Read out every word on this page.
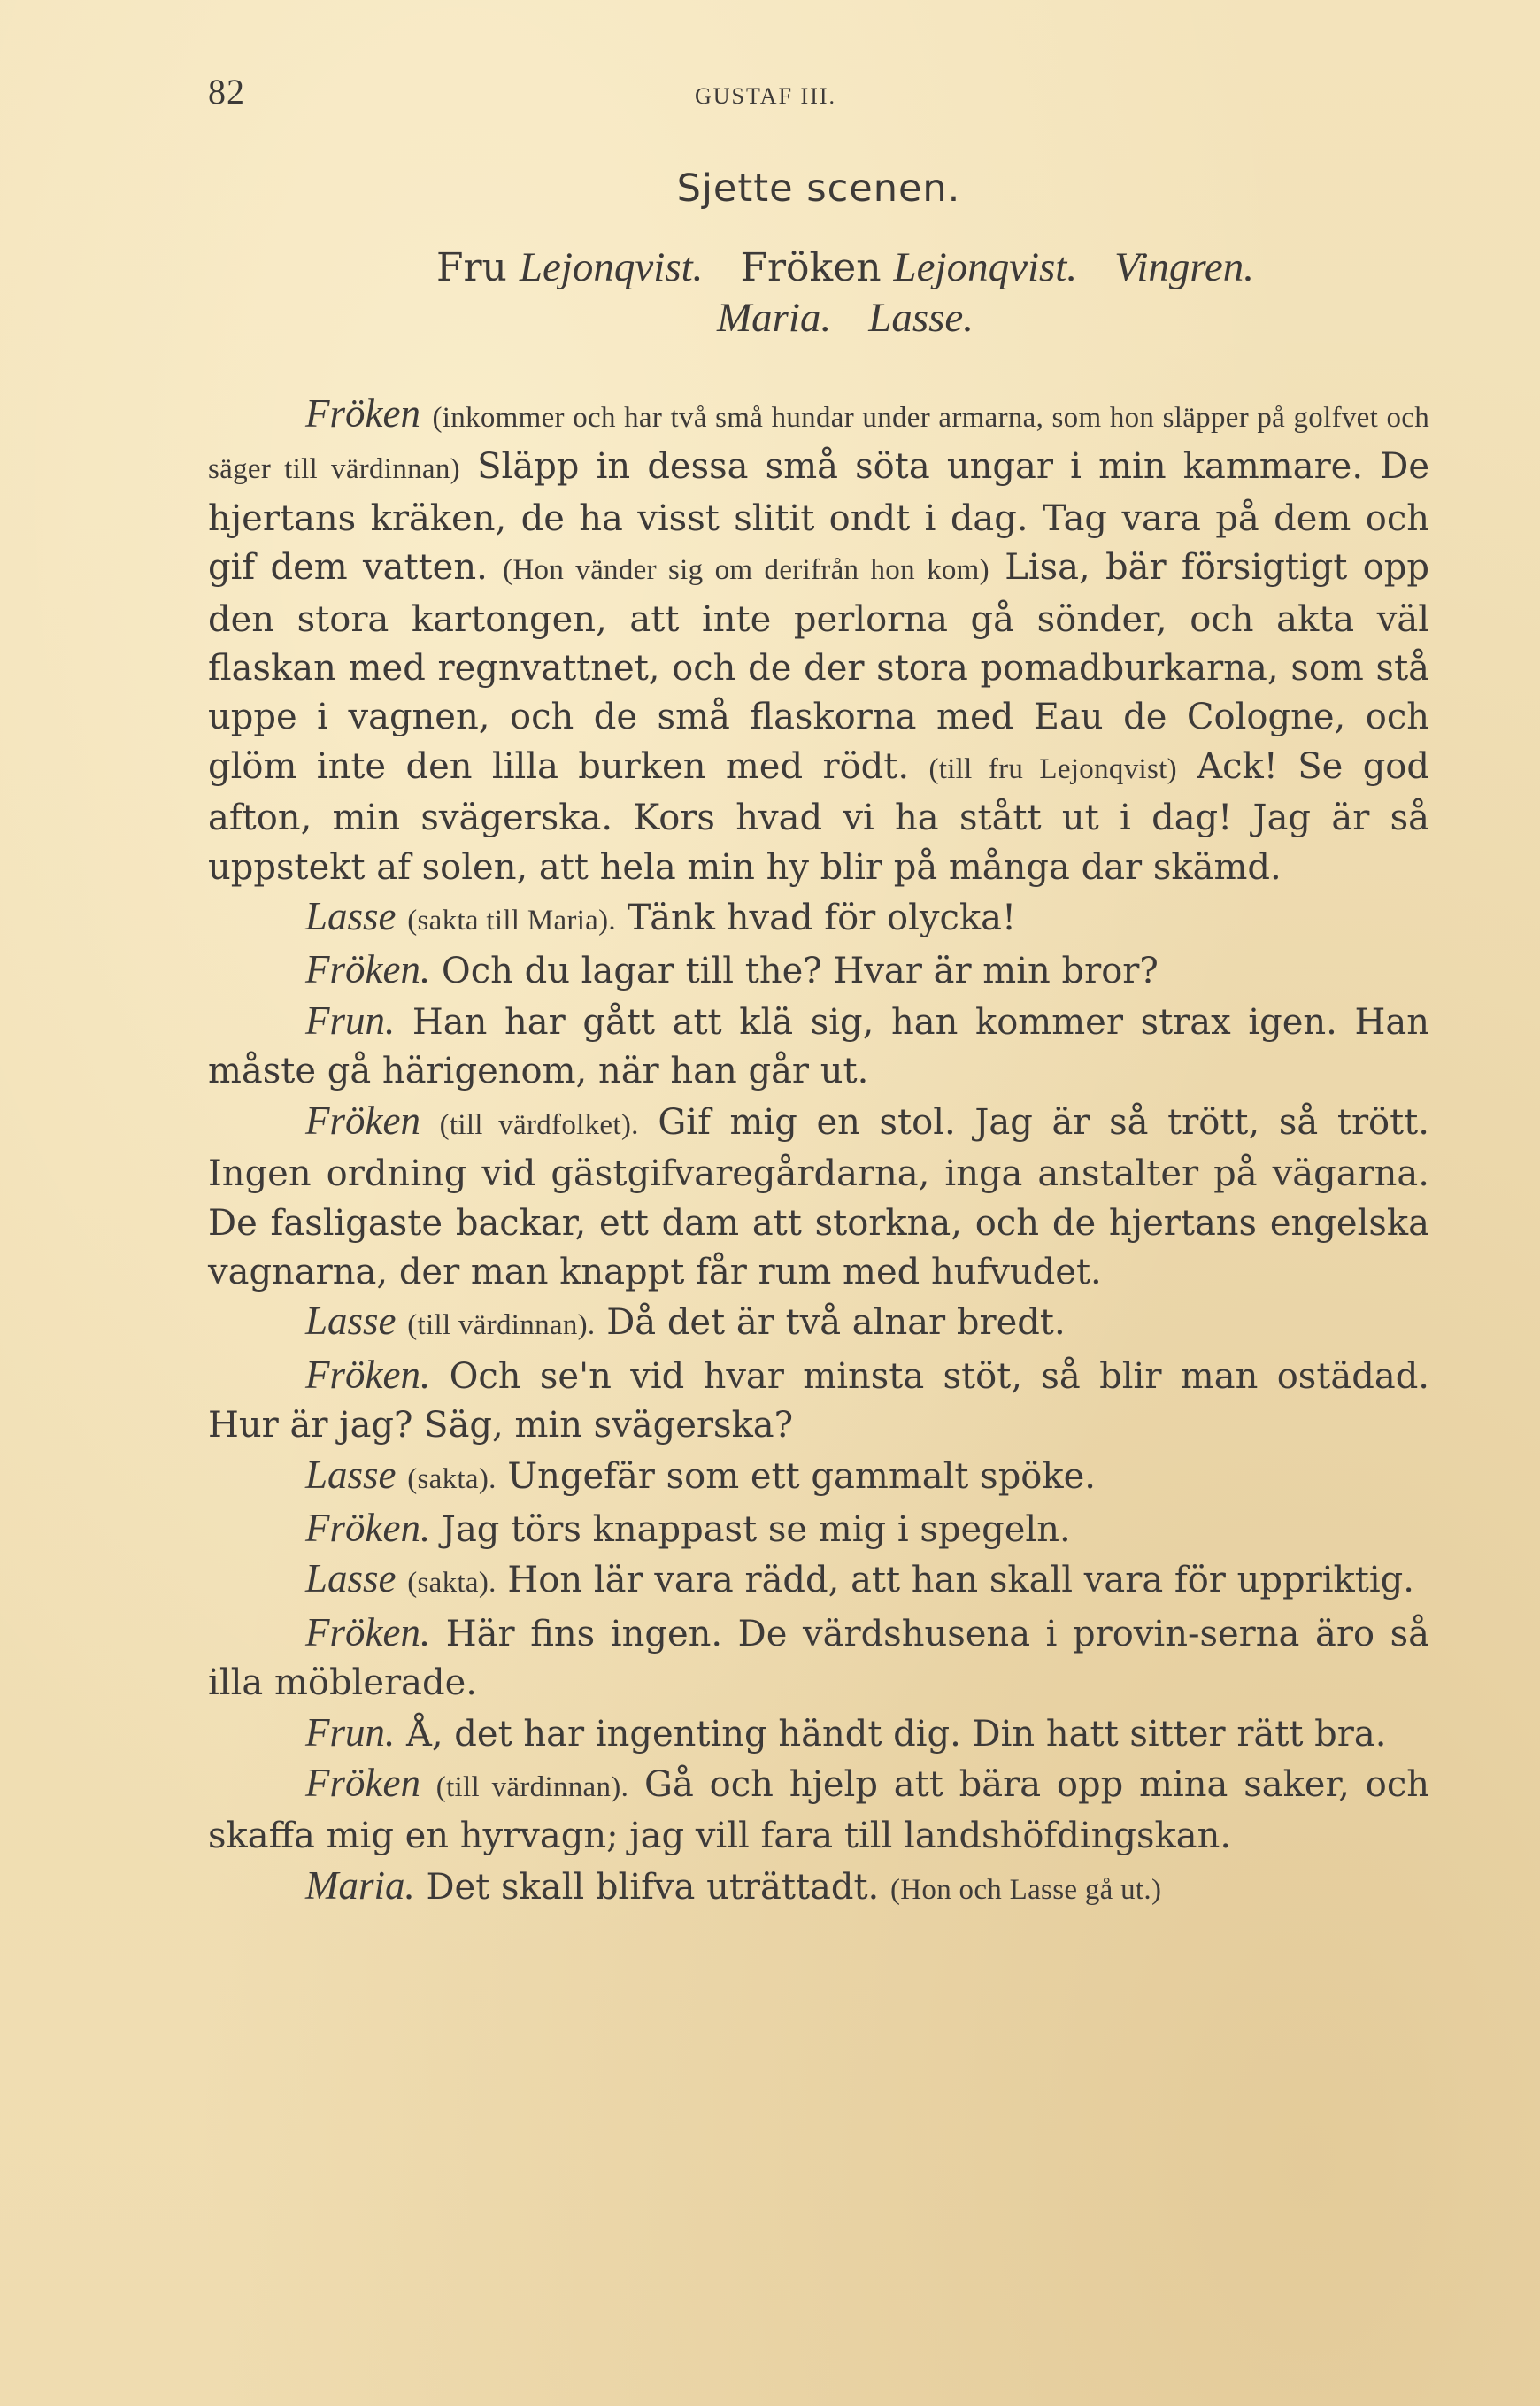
82	GUSTAF III.
Sjette scenen.
Fru Lejonqvist. Fröken Lejonqvist. Vingren.
Maria. Lasse.

Fröken (inkommer och har två små hundar under armarna, som hon släpper på golfvet och säger till värdinnan) Släpp in dessa små söta ungar i min kammare. De hjertans kräken, de ha visst slitit ondt i dag. Tag vara på dem och gif dem vatten. (Hon vänder sig om derifrån hon kom) Lisa, bär försigtigt opp den stora kartongen, att inte perlorna gå sönder, och akta väl flaskan med regnvattnet, och de der stora pomadburkarna, som stå uppe i vagnen, och de små flaskorna med Eau de Cologne, och glöm inte den lilla burken med rödt. (till fru Lejonqvist) Ack! Se god afton, min svägerska. Kors hvad vi ha stått ut i dag! Jag är så uppstekt af solen, att hela min hy blir på många dar skämd.

Lasse (sakta till Maria). Tänk hvad för olycka!

Fröken. Och du lagar till the? Hvar är min bror?

Frun. Han har gått att klä sig, han kommer strax igen. Han måste gå härigenom, när han går ut.

Fröken (till värdfolket). Gif mig en stol. Jag är så trött, så trött. Ingen ordning vid gästgifvaregårdarna, inga anstalter på vägarna. De fasligaste backar, ett dam att storkna, och de hjertans engelska vagnarna, der man knappt får rum med hufvudet.

Lasse (till värdinnan). Då det är två alnar bredt.

Fröken. Och se'n vid hvar minsta stöt, så blir man ostädad. Hur är jag? Säg, min svägerska?

Lasse (sakta). Ungefär som ett gammalt spöke.

Fröken. Jag törs knappast se mig i spegeln.

Lasse (sakta). Hon lär vara rädd, att han skall vara för uppriktig.

Fröken. Här fins ingen. De värdshusena i provin-serna äro så illa möblerade.

Frun. Å, det har ingenting händt dig. Din hatt sitter rätt bra.

Fröken (till värdinnan). Gå och hjelp att bära opp mina saker, och skaffa mig en hyrvagn; jag vill fara till landshöfdingskan.

Maria. Det skall blifva uträttadt. (Hon och Lasse gå ut.)
